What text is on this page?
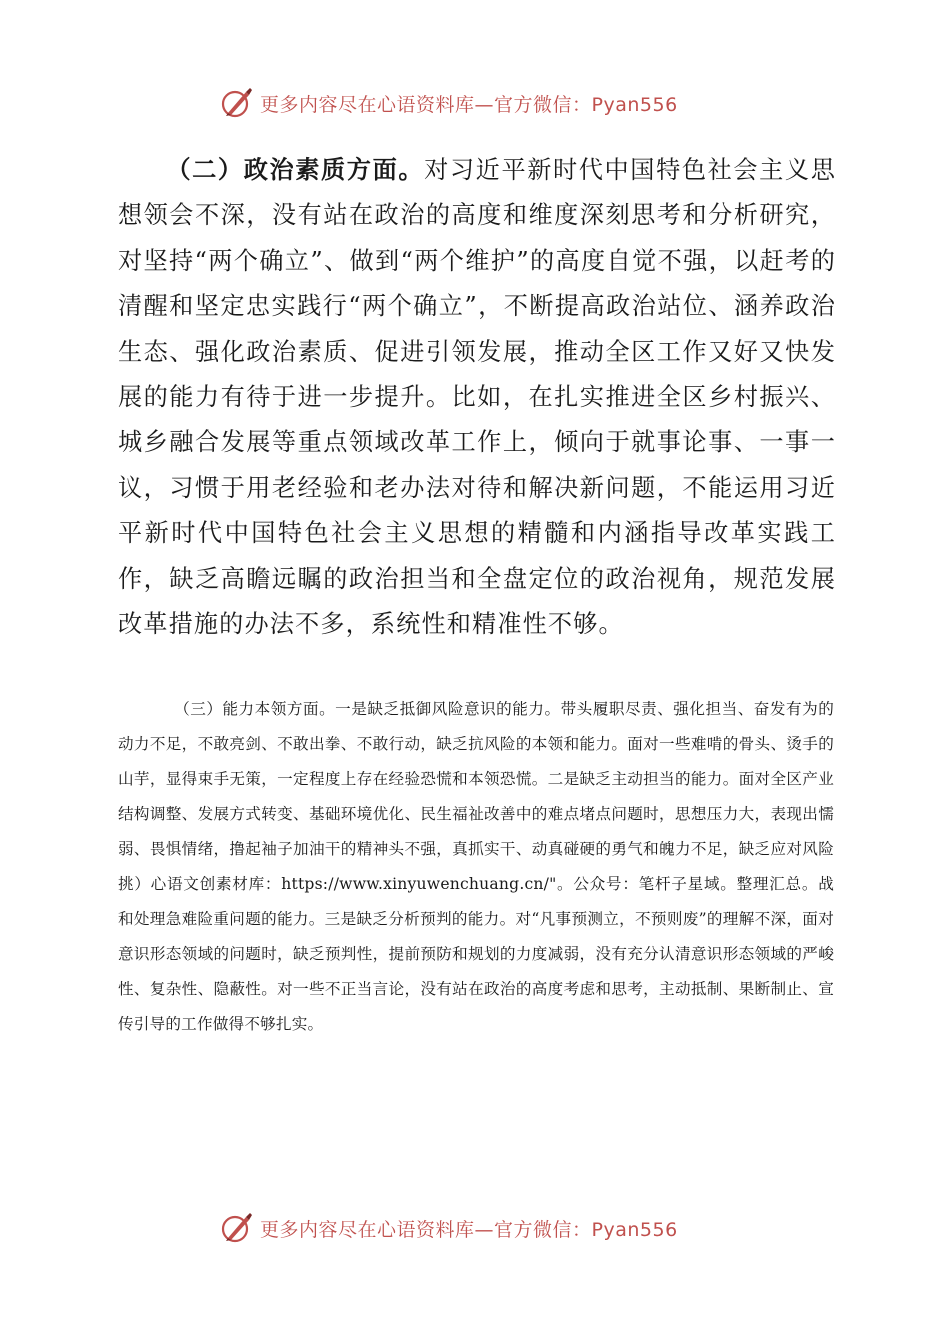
更多内容尽在心语资料库—官方微信：Pyan556

（二）政治素质方面。对习近平新时代中国特色社会主义思想领会不深，没有站在政治的高度和维度深刻思考和分析研究，对坚持“两个确立”、做到“两个维护”的高度自觉不强，以赶考的清醒和坚定忠实践行“两个确立”，不断提高政治站位、涵养政治生态、强化政治素质、促进引领发展，推动全区工作又好又快发展的能力有待于进一步提升。比如，在扎实推进全区乡村振兴、城乡融合发展等重点领域改革工作上，倾向于就事论事、一事一议，习惯于用老经验和老办法对待和解决新问题，不能运用习近平新时代中国特色社会主义思想的精髓和内涵指导改革实践工作，缺乏高瞻远瞩的政治担当和全盘定位的政治视角，规范发展改革措施的办法不多，系统性和精准性不够。

（三）能力本领方面。一是缺乏抵御风险意识的能力。带头履职尽责、强化担当、奋发有为的动力不足，不敢亮剑、不敢出拳、不敢行动，缺乏抗风险的本领和能力。面对一些难啃的骨头、烫手的山芋，显得束手无策，一定程度上存在经验恐慌和本领恐慌。二是缺乏主动担当的能力。面对全区产业结构调整、发展方式转变、基础环境优化、民生福祉改善中的难点堵点问题时，思想压力大，表现出懦弱、畏惧情绪，撸起袖子加油干的精神头不强，真抓实干、动真碰硬的勇气和魄力不足，缺乏应对风险挑）心语文创素材库：https://www.xinyuwenchuang.cn/"。公众号：笔杆子星域。整理汇总。战和处理急难险重问题的能力。三是缺乏分析预判的能力。对“凡事预测立，不预则废”的理解不深，面对意识形态领域的问题时，缺乏预判性，提前预防和规划的力度减弱，没有充分认清意识形态领域的严峻性、复杂性、隐蔽性。对一些不正当言论，没有站在政治的高度考虑和思考，主动抵制、果断制止、宣传引导的工作做得不够扎实。

更多内容尽在心语资料库—官方微信：Pyan556
